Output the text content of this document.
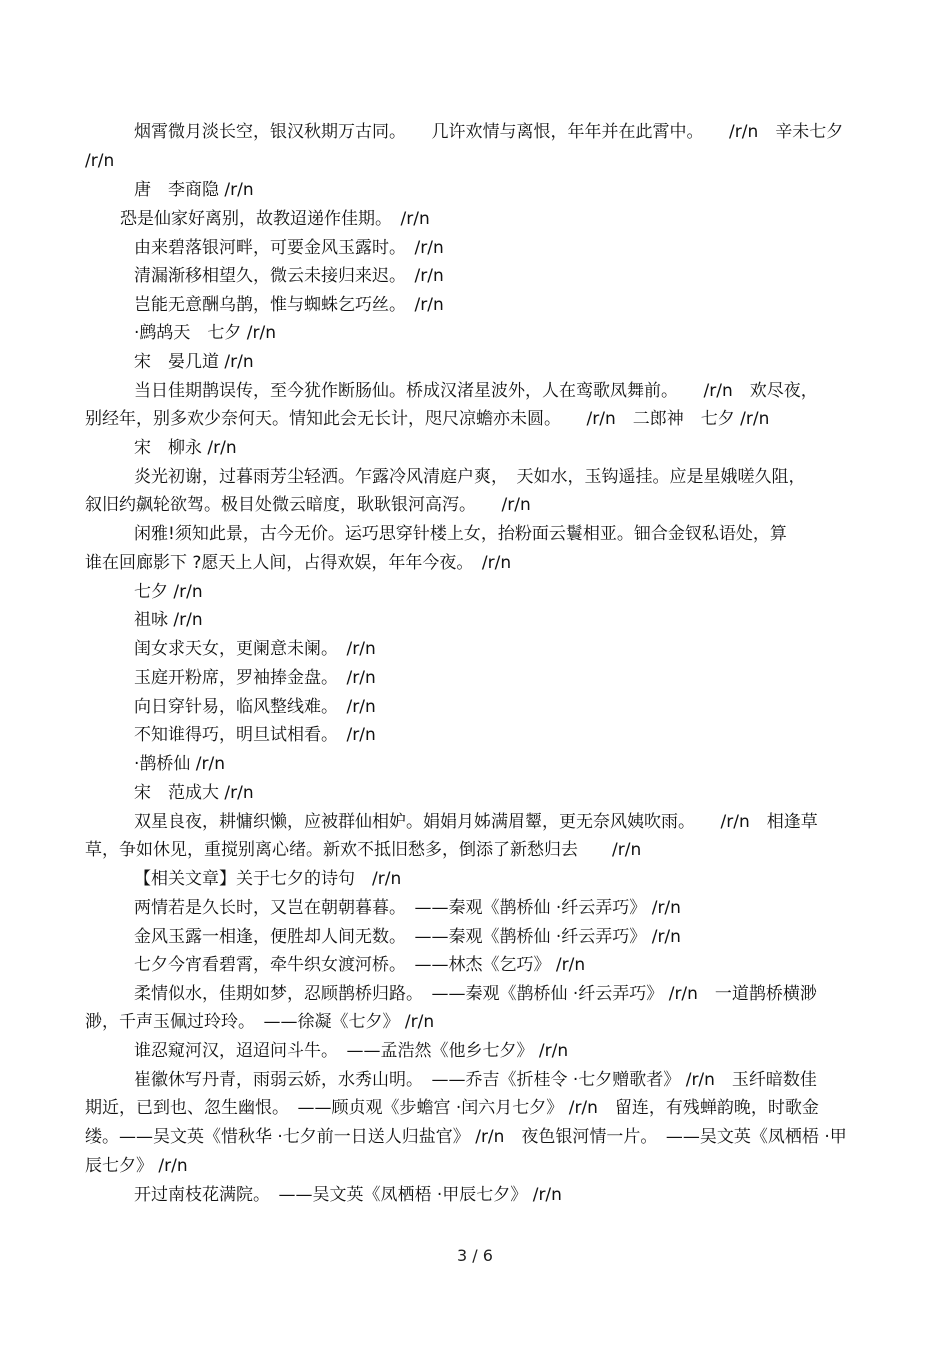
烟霄微月淡长空，银汉秋期万古同。　　几许欢情与离恨，年年并在此霄中。　　/r/n　辛未七夕
/r/n
唐　李商隐 /r/n
恐是仙家好离别，故教迢递作佳期。　/r/n
由来碧落银河畔，可要金风玉露时。　/r/n
清漏渐移相望久，微云未接归来迟。　/r/n
岂能无意酬乌鹊，惟与蜘蛛乞巧丝。　/r/n
·鹧鸪天　七夕 /r/n
宋　晏几道 /r/n
当日佳期鹊误传，至今犹作断肠仙。桥成汉渚星波外，人在鸾歌凤舞前。　　/r/n　欢尽夜，
别经年，别多欢少奈何天。情知此会无长计，咫尺凉蟾亦未圆。　　/r/n　二郎神　七夕 /r/n
宋　柳永 /r/n
炎光初谢，过暮雨芳尘轻洒。乍露冷风清庭户爽，　天如水，玉钩遥挂。应是星娥嗟久阻，
叙旧约飙轮欲驾。极目处微云暗度，耿耿银河高泻。　　/r/n
闲雅!须知此景，古今无价。运巧思穿针楼上女，抬粉面云鬟相亚。钿合金钗私语处，算
谁在回廊影下 ?愿天上人间，占得欢娱，年年今夜。　/r/n
七夕 /r/n
祖咏 /r/n
闺女求天女，更阑意未阑。　/r/n
玉庭开粉席，罗袖捧金盘。　/r/n
向日穿针易，临风整线难。　/r/n
不知谁得巧，明旦试相看。　/r/n
·鹊桥仙 /r/n
宋　范成大 /r/n
双星良夜，耕慵织懒，应被群仙相妒。娟娟月姊满眉颦，更无奈风姨吹雨。　　/r/n　相逢草
草，争如休见，重搅别离心绪。新欢不抵旧愁多，倒添了新愁归去　　/r/n
【相关文章】关于七夕的诗句　/r/n
两情若是久长时，又岂在朝朝暮暮。　——秦观《鹊桥仙 ·纤云弄巧》 /r/n
金风玉露一相逢，便胜却人间无数。　——秦观《鹊桥仙 ·纤云弄巧》 /r/n
七夕今宵看碧霄，牵牛织女渡河桥。　——林杰《乞巧》 /r/n
柔情似水，佳期如梦，忍顾鹊桥归路。　——秦观《鹊桥仙 ·纤云弄巧》 /r/n　一道鹊桥横渺
渺，千声玉佩过玲玲。　——徐凝《七夕》 /r/n
谁忍窥河汉，迢迢问斗牛。　——孟浩然《他乡七夕》 /r/n
崔徽休写丹青，雨弱云娇，水秀山明。　——乔吉《折桂令 ·七夕赠歌者》 /r/n　玉纤暗数佳
期近，已到也、忽生幽恨。　——顾贞观《步蟾宫 ·闰六月七夕》 /r/n　留连，有残蝉韵晚，时歌金
缕。——吴文英《惜秋华 ·七夕前一日送人归盐官》 /r/n　夜色银河情一片。　——吴文英《凤栖梧 ·甲
辰七夕》 /r/n
开过南枝花满院。　——吴文英《凤栖梧 ·甲辰七夕》 /r/n
3 / 6
